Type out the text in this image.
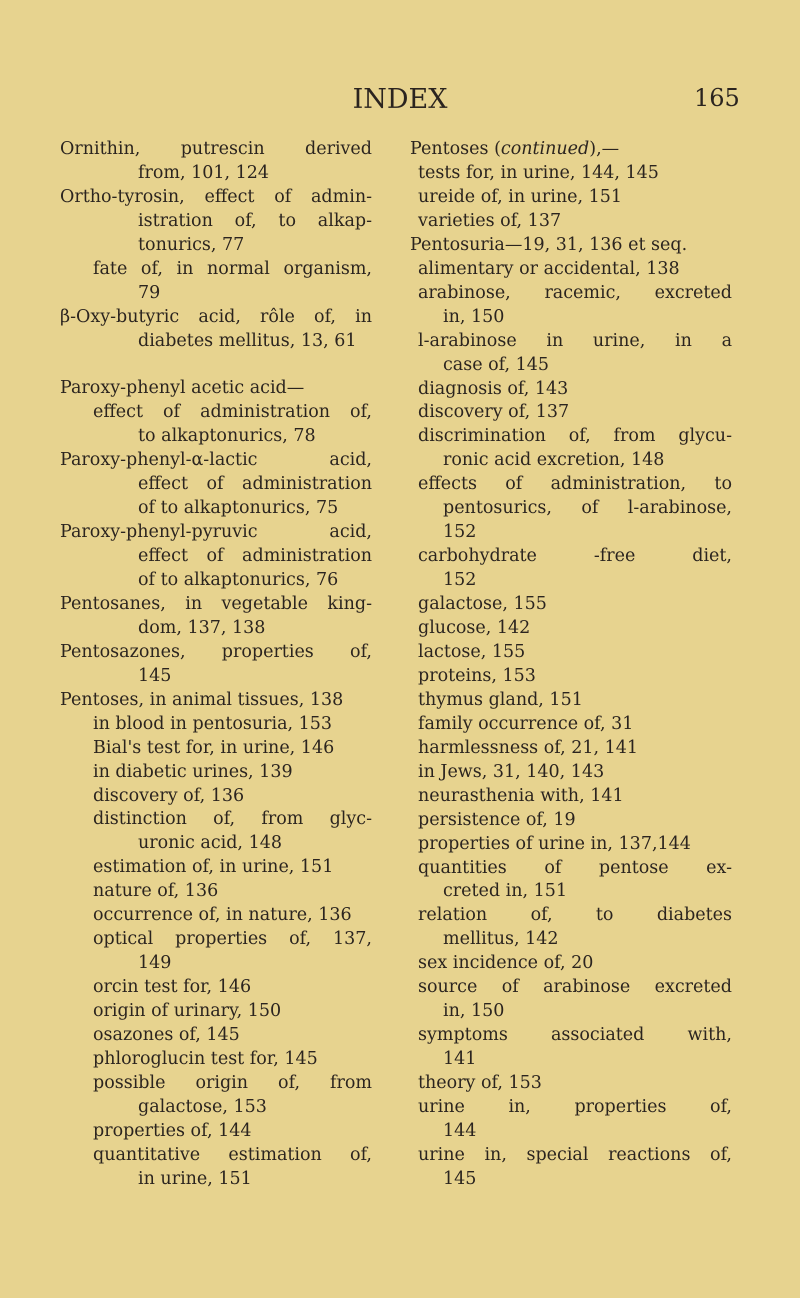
INDEX	165
Ornithin, putrescin derived
from, 101, 124
Ortho-tyrosin, effect of admin-
istration of, to alkap-
tonurics, 77
fate of, in normal organism,
79
β-Oxy-butyric acid, rôle of, in
diabetes mellitus, 13, 61
Paroxy-phenyl acetic acid—
effect of administration of,
to alkaptonurics, 78
Paroxy-phenyl-α-lactic acid,
effect of administration
of to alkaptonurics, 75
Paroxy-phenyl-pyruvic acid,
effect of administration
of to alkaptonurics, 76
Pentosanes, in vegetable king-
dom, 137, 138
Pentosazones, properties of,
145
Pentoses, in animal tissues, 138
in blood in pentosuria, 153
Bial's test for, in urine, 146
in diabetic urines, 139
discovery of, 136
distinction of, from glyc-
uronic acid, 148
estimation of, in urine, 151
nature of, 136
occurrence of, in nature, 136
optical properties of, 137,
149
orcin test for, 146
origin of urinary, 150
osazones of, 145
phloroglucin test for, 145
possible origin of, from
galactose, 153
properties of, 144
quantitative estimation of,
in urine, 151
Pentoses (continued),—
tests for, in urine, 144, 145
ureide of, in urine, 151
varieties of, 137
Pentosuria—19, 31, 136 et seq.
alimentary or accidental, 138
arabinose, racemic, excreted
in, 150
l-arabinose in urine, in a
case of, 145
diagnosis of, 143
discovery of, 137
discrimination of, from glycu-
ronic acid excretion, 148
effects of administration, to
pentosurics, of l-arabinose,
152
carbohydrate -free diet,
152
galactose, 155
glucose, 142
lactose, 155
proteins, 153
thymus gland, 151
family occurrence of, 31
harmlessness of, 21, 141
in Jews, 31, 140, 143
neurasthenia with, 141
persistence of, 19
properties of urine in, 137,144
quantities of pentose ex-
creted in, 151
relation of, to diabetes
mellitus, 142
sex incidence of, 20
source of arabinose excreted
in, 150
symptoms associated with,
141
theory of, 153
urine in, properties of,
144
urine in, special reactions of,
145
